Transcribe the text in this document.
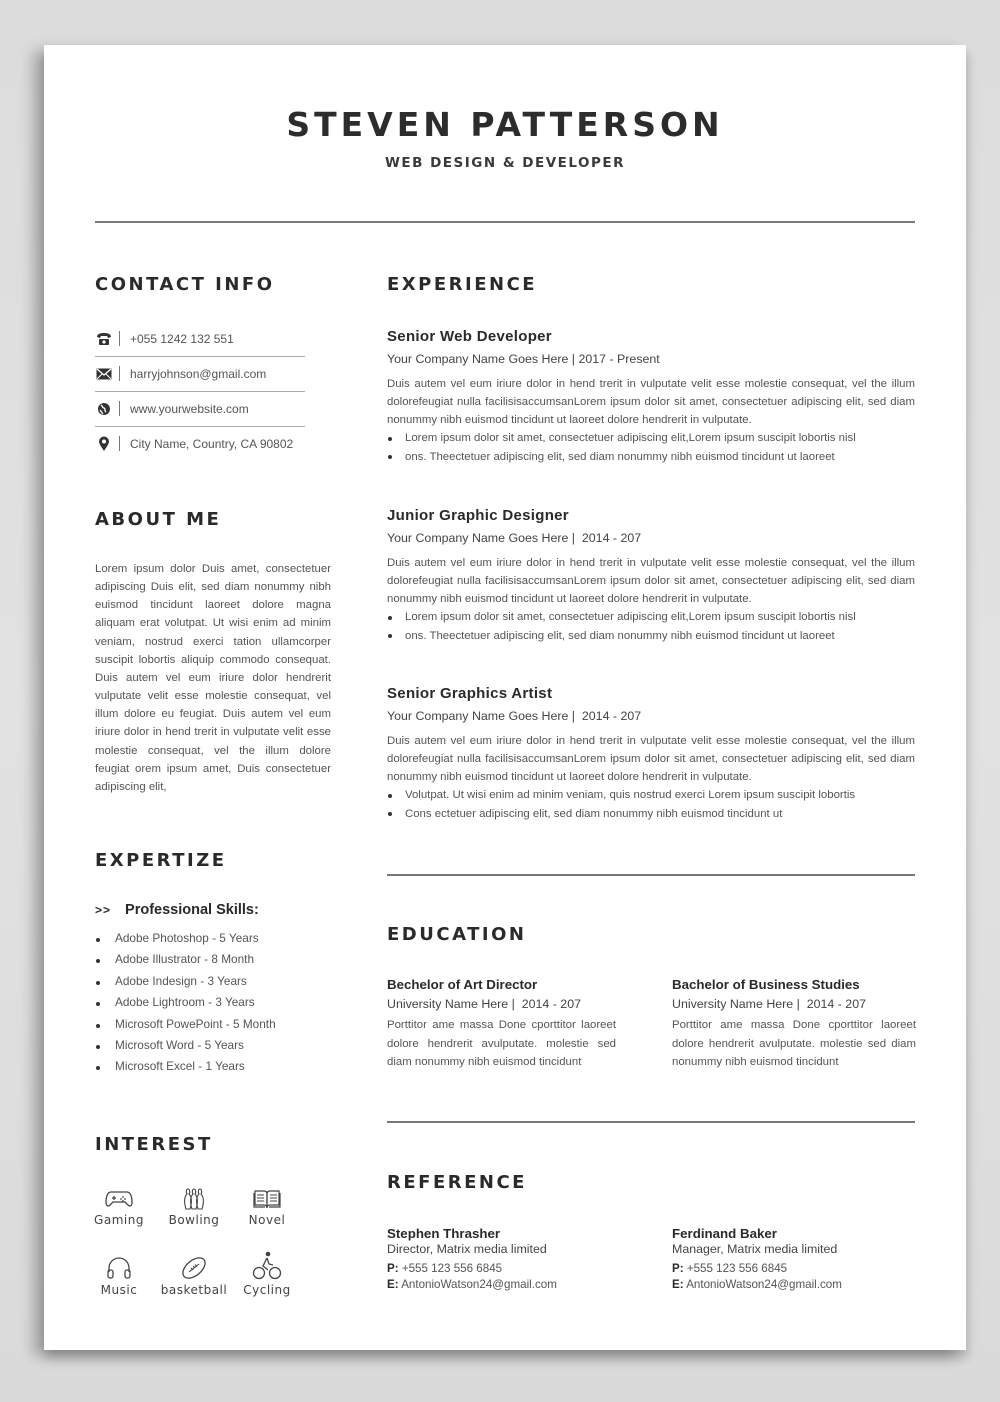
STEVEN PATTERSON
WEB DESIGN & DEVELOPER
CONTACT INFO
+055 1242 132 551
harryjohnson@gmail.com
www.yourwebsite.com
City Name, Country, CA 90802
ABOUT ME
Lorem ipsum dolor Duis amet, consectetuer adipiscing Duis elit, sed diam nonummy nibh euismod tincidunt laoreet dolore magna aliquam erat volutpat. Ut wisi enim ad minim veniam, nostrud exerci tation ullamcorper suscipit lobortis aliquip commodo consequat. Duis autem vel eum iriure dolor hendrerit vulputate velit esse molestie consequat, vel illum dolore eu feugiat. Duis autem vel eum iriure dolor in hend trerit in vulputate velit esse molestie consequat, vel the illum dolore feugiat orem ipsum amet, Duis consectetuer adipiscing elit,
EXPERTIZE
>> Professional Skills:
Adobe Photoshop - 5 Years
Adobe Illustrator - 8 Month
Adobe Indesign - 3 Years
Adobe Lightroom - 3 Years
Microsoft PowePoint - 5 Month
Microsoft Word - 5 Years
Microsoft Excel - 1 Years
INTEREST
Gaming	Bowling	Novel
Music	basketball	Cycling
EXPERIENCE
Senior Web Developer
Your Company Name Goes Here | 2017 - Present
Duis autem vel eum iriure dolor in hend trerit in vulputate velit esse molestie consequat, vel the illum dolorefeugiat nulla facilisisaccumsanLorem ipsum dolor sit amet, consectetuer adipiscing elit, sed diam nonummy nibh euismod tincidunt ut laoreet dolore hendrerit in vulputate.
Lorem ipsum dolor sit amet, consectetuer adipiscing elit,Lorem ipsum suscipit lobortis nisl
ons. Theectetuer adipiscing elit, sed diam nonummy nibh euismod tincidunt ut laoreet
Junior Graphic Designer
Your Company Name Goes Here |  2014 - 207
Duis autem vel eum iriure dolor in hend trerit in vulputate velit esse molestie consequat, vel the illum dolorefeugiat nulla facilisisaccumsanLorem ipsum dolor sit amet, consectetuer adipiscing elit, sed diam nonummy nibh euismod tincidunt ut laoreet dolore hendrerit in vulputate.
Lorem ipsum dolor sit amet, consectetuer adipiscing elit,Lorem ipsum suscipit lobortis nisl
ons. Theectetuer adipiscing elit, sed diam nonummy nibh euismod tincidunt ut laoreet
Senior Graphics Artist
Your Company Name Goes Here |  2014 - 207
Duis autem vel eum iriure dolor in hend trerit in vulputate velit esse molestie consequat, vel the illum dolorefeugiat nulla facilisisaccumsanLorem ipsum dolor sit amet, consectetuer adipiscing elit, sed diam nonummy nibh euismod tincidunt ut laoreet dolore hendrerit in vulputate.
Volutpat. Ut wisi enim ad minim veniam, quis nostrud exerci Lorem ipsum suscipit lobortis
Cons ectetuer adipiscing elit, sed diam nonummy nibh euismod tincidunt ut
EDUCATION
Bechelor of Art Director
University Name Here |  2014 - 207
Porttitor ame massa Done cporttitor laoreet dolore hendrerit avulputate. molestie sed diam nonummy nibh euismod tincidunt
Bachelor of Business Studies
University Name Here |  2014 - 207
Porttitor ame massa Done cporttitor laoreet dolore hendrerit avulputate. molestie sed diam nonummy nibh euismod tincidunt
REFERENCE
Stephen Thrasher
Director, Matrix media limited
P: +555 123 556 6845
E: AntonioWatson24@gmail.com
Ferdinand Baker
Manager, Matrix media limited
P: +555 123 556 6845
E: AntonioWatson24@gmail.com
